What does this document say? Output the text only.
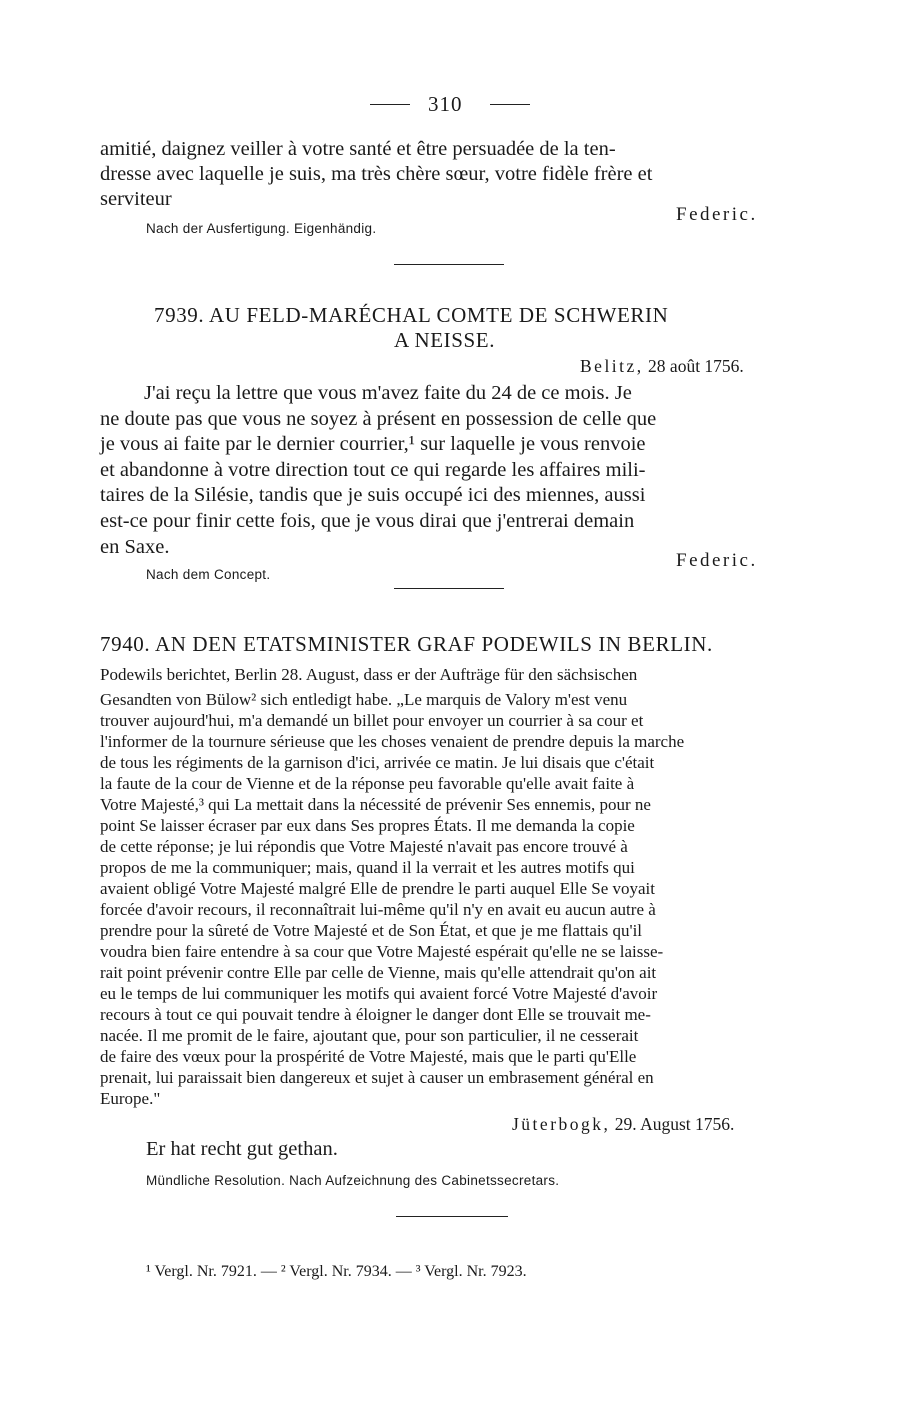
310
amitié, daignez veiller à votre santé et être persuadée de la ten-
dresse avec laquelle je suis, ma très chère sœur, votre fidèle frère et
serviteur
Federic.
Nach der Ausfertigung. Eigenhändig.
7939. AU FELD-MARÉCHAL COMTE DE SCHWERIN
A NEISSE.
Belitz, 28 août 1756.
J'ai reçu la lettre que vous m'avez faite du 24 de ce mois. Je
ne doute pas que vous ne soyez à présent en possession de celle que
je vous ai faite par le dernier courrier,¹ sur laquelle je vous renvoie
et abandonne à votre direction tout ce qui regarde les affaires mili-
taires de la Silésie, tandis que je suis occupé ici des miennes, aussi
est-ce pour finir cette fois, que je vous dirai que j'entrerai demain
en Saxe.
Federic.
Nach dem Concept.
7940. AN DEN ETATSMINISTER GRAF PODEWILS IN BERLIN.
Podewils berichtet, Berlin 28. August, dass er der Aufträge für den sächsischen
Gesandten von Bülow² sich entledigt habe. „Le marquis de Valory m'est venu
trouver aujourd'hui, m'a demandé un billet pour envoyer un courrier à sa cour et
l'informer de la tournure sérieuse que les choses venaient de prendre depuis la marche
de tous les régiments de la garnison d'ici, arrivée ce matin. Je lui disais que c'était
la faute de la cour de Vienne et de la réponse peu favorable qu'elle avait faite à
Votre Majesté,³ qui La mettait dans la nécessité de prévenir Ses ennemis, pour ne
point Se laisser écraser par eux dans Ses propres États. Il me demanda la copie
de cette réponse; je lui répondis que Votre Majesté n'avait pas encore trouvé à
propos de me la communiquer; mais, quand il la verrait et les autres motifs qui
avaient obligé Votre Majesté malgré Elle de prendre le parti auquel Elle Se voyait
forcée d'avoir recours, il reconnaîtrait lui-même qu'il n'y en avait eu aucun autre à
prendre pour la sûreté de Votre Majesté et de Son État, et que je me flattais qu'il
voudra bien faire entendre à sa cour que Votre Majesté espérait qu'elle ne se laisse-
rait point prévenir contre Elle par celle de Vienne, mais qu'elle attendrait qu'on ait
eu le temps de lui communiquer les motifs qui avaient forcé Votre Majesté d'avoir
recours à tout ce qui pouvait tendre à éloigner le danger dont Elle se trouvait me-
nacée. Il me promit de le faire, ajoutant que, pour son particulier, il ne cesserait
de faire des vœux pour la prospérité de Votre Majesté, mais que le parti qu'Elle
prenait, lui paraissait bien dangereux et sujet à causer un embrasement général en
Europe."
Jüterbogk, 29. August 1756.
Er hat recht gut gethan.
Mündliche Resolution. Nach Aufzeichnung des Cabinetssecretars.
¹ Vergl. Nr. 7921. — ² Vergl. Nr. 7934. — ³ Vergl. Nr. 7923.
